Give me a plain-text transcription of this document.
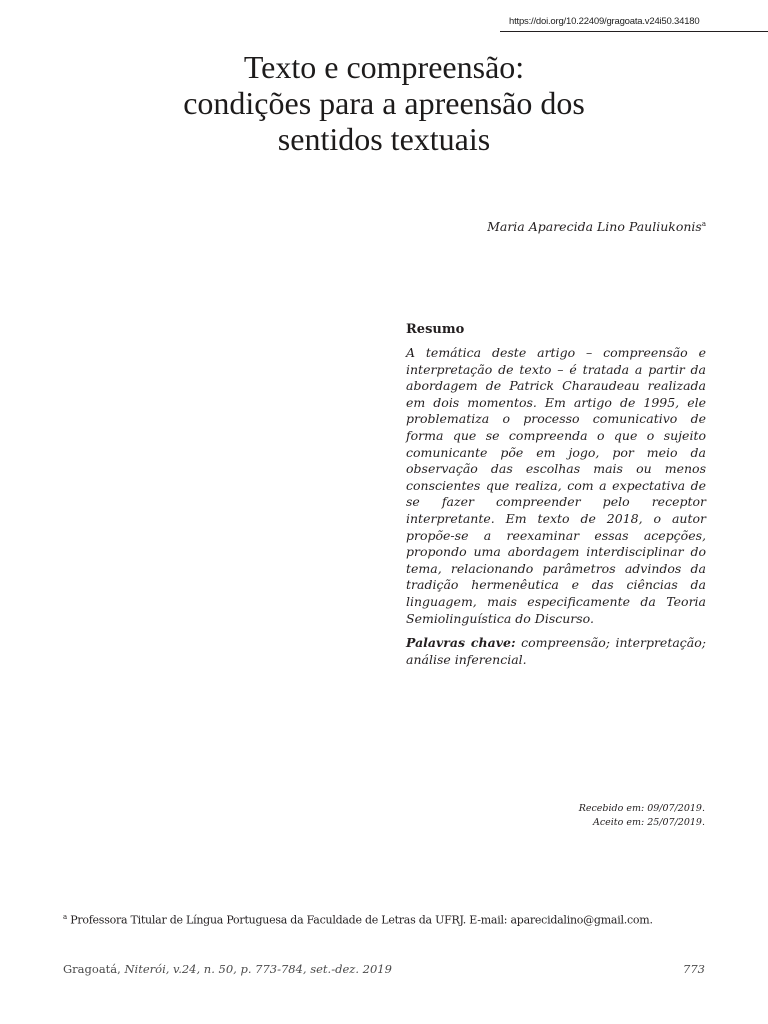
https://doi.org/10.22409/gragoata.v24i50.34180
Texto e compreensão:
condições para a apreensão dos
sentidos textuais
Maria Aparecida Lino Pauliukonis$^a$
Resumo

A temática deste artigo – compreensão e interpretação de texto – é tratada a partir da abordagem de Patrick Charaudeau realizada em dois momentos. Em artigo de 1995, ele problematiza o processo comunicativo de forma que se compreenda o que o sujeito comunicante põe em jogo, por meio da observação das escolhas mais ou menos conscientes que realiza, com a expectativa de se fazer compreender pelo receptor interpretante. Em texto de 2018, o autor propõe-se a reexaminar essas acepções, propondo uma abordagem interdisciplinar do tema, relacionando parâmetros advindos da tradição hermenêutica e das ciências da linguagem, mais especificamente da Teoria Semiolinguística do Discurso.

Palavras chave: compreensão; interpretação; análise inferencial.

Recebido em: 09/07/2019.
Aceito em: 25/07/2019.
$^a$ Professora Titular de Língua Portuguesa da Faculdade de Letras da UFRJ. E-mail: aparecidalino@gmail.com.
Gragoatá, Niterói, v.24, n. 50, p. 773-784, set.-dez. 2019	773
